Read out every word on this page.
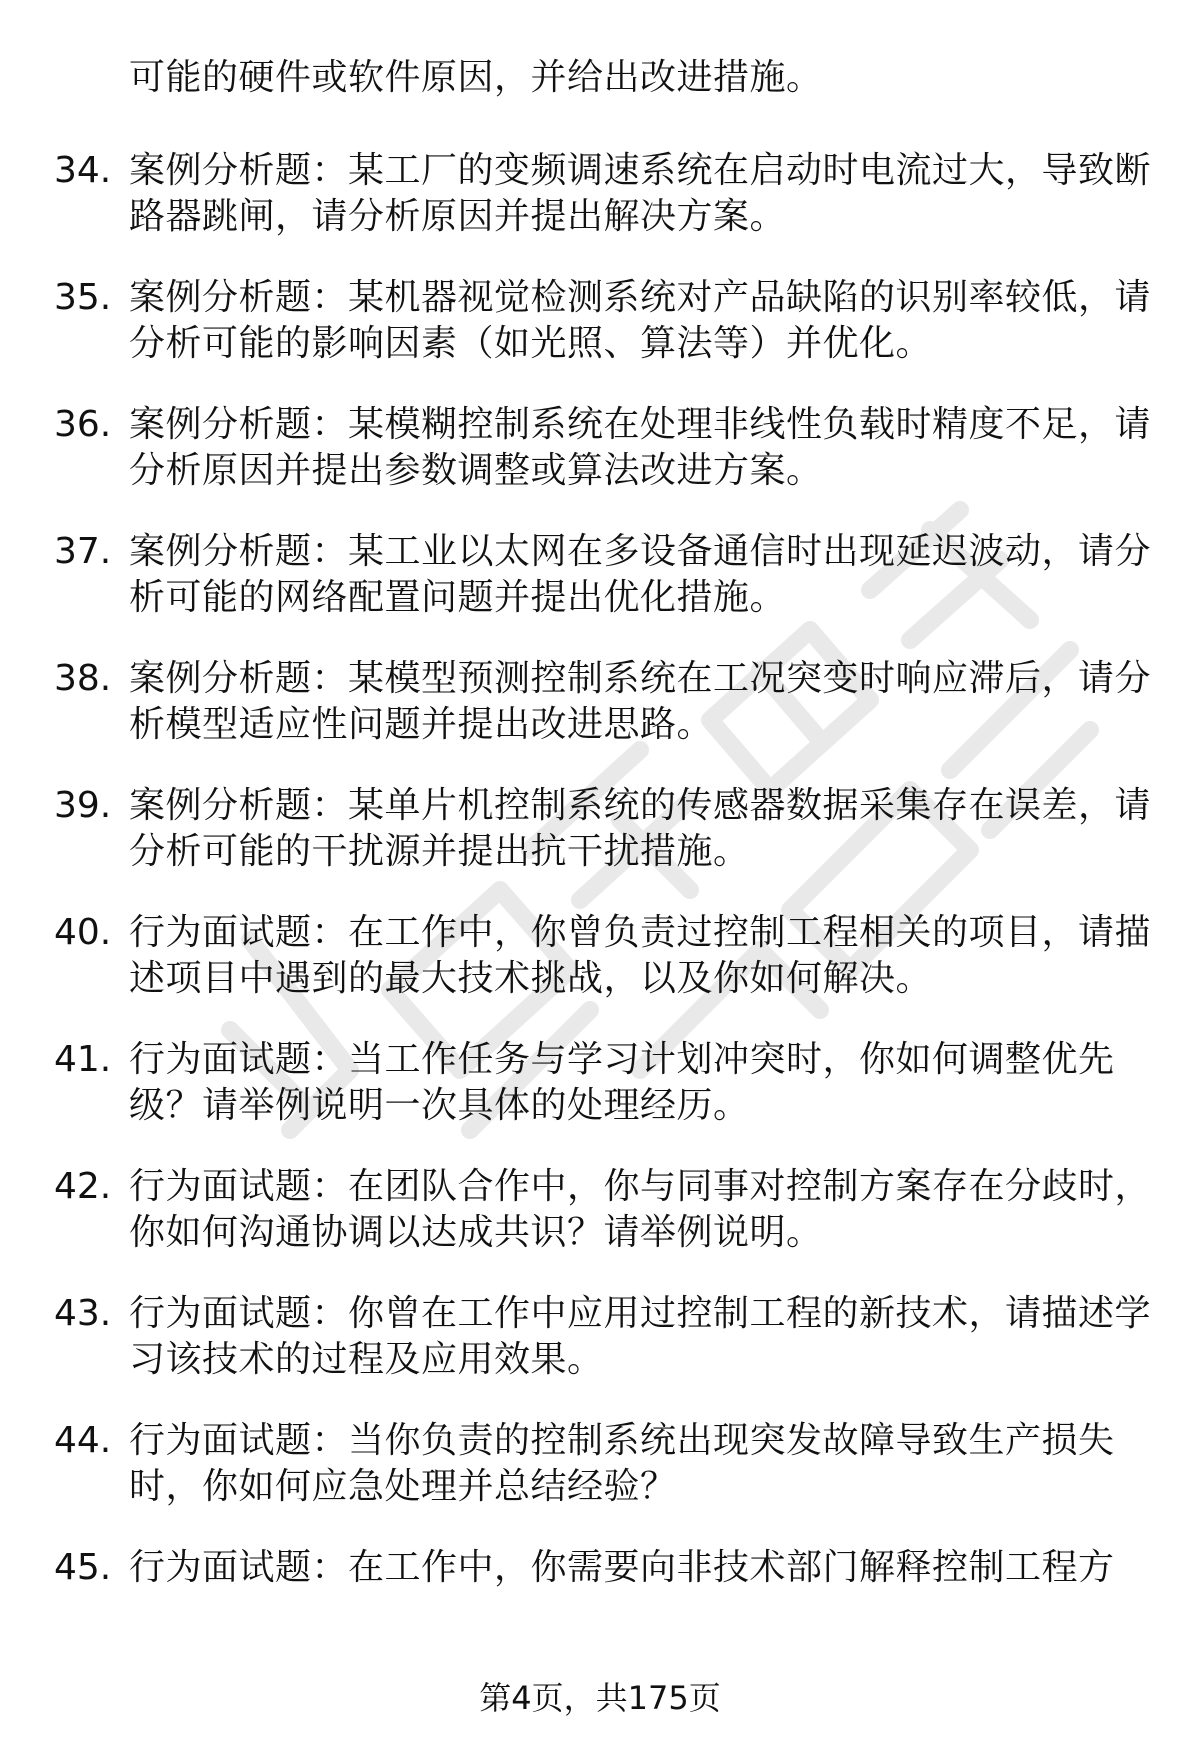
可能的硬件或软件原因，并给出改进措施。
34. 案例分析题：某工厂的变频调速系统在启动时电流过大，导致断
路器跳闸，请分析原因并提出解决方案。
35. 案例分析题：某机器视觉检测系统对产品缺陷的识别率较低，请
分析可能的影响因素（如光照、算法等）并优化。
36. 案例分析题：某模糊控制系统在处理非线性负载时精度不足，请
分析原因并提出参数调整或算法改进方案。
37. 案例分析题：某工业以太网在多设备通信时出现延迟波动，请分
析可能的网络配置问题并提出优化措施。
38. 案例分析题：某模型预测控制系统在工况突变时响应滞后，请分
析模型适应性问题并提出改进思路。
39. 案例分析题：某单片机控制系统的传感器数据采集存在误差，请
分析可能的干扰源并提出抗干扰措施。
40. 行为面试题：在工作中，你曾负责过控制工程相关的项目，请描
述项目中遇到的最大技术挑战，以及你如何解决。
41. 行为面试题：当工作任务与学习计划冲突时，你如何调整优先
级？请举例说明一次具体的处理经历。
42. 行为面试题：在团队合作中，你与同事对控制方案存在分歧时，
你如何沟通协调以达成共识？请举例说明。
43. 行为面试题：你曾在工作中应用过控制工程的新技术，请描述学
习该技术的过程及应用效果。
44. 行为面试题：当你负责的控制系统出现突发故障导致生产损失
时，你如何应急处理并总结经验？
45. 行为面试题：在工作中，你需要向非技术部门解释控制工程方
第4页，共175页
